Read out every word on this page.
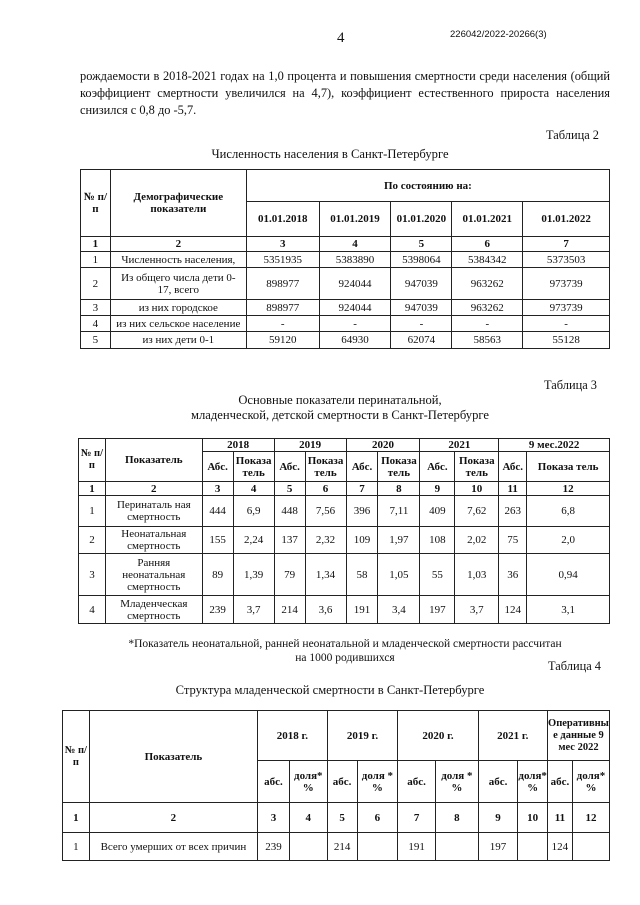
4	226042/2022-20266(3)
рождаемости в 2018-2021 годах на 1,0 процента и повышения смертности среди населения (общий коэффициент смертности увеличился на 4,7), коэффициент естественного прироста населения снизился с 0,8 до -5,7.
Таблица 2
Численность населения в Санкт-Петербурге
№ п/п	Демографические показатели	По состоянию на:				
		01.01.2018	01.01.2019	01.01.2020	01.01.2021	01.01.2022
1	2	3	4	5	6	7
1	Численность населения,	5351935	5383890	5398064	5384342	5373503
2	Из общего числа дети 0-17, всего	898977	924044	947039	963262	973739
3	из них городское	898977	924044	947039	963262	973739
4	из них сельское население	-	-	-	-	-
5	из них дети 0-1	59120	64930	62074	58563	55128
Таблица 3
Основные показатели перинатальной,
младенческой, детской смертности в Санкт-Петербурге
№ п/п	Показатель	2018		2019		2020		2021		9 мес.2022	
		Абс.	Показа тель	Абс.	Показа тель	Абс.	Показа тель	Абс.	Показа тель	Абс.	Показа тель
1	2	3	4	5	6	7	8	9	10	11	12
1	Перинаталь ная смертность	444	6,9	448	7,56	396	7,11	409	7,62	263	6,8
2	Неонатальная смертность	155	2,24	137	2,32	109	1,97	108	2,02	75	2,0
3	Ранняя неонатальная смертность	89	1,39	79	1,34	58	1,05	55	1,03	36	0,94
4	Младенческая смертность	239	3,7	214	3,6	191	3,4	197	3,7	124	3,1
*Показатель неонатальной, ранней неонатальной и младенческой смертности рассчитан
на 1000 родившихся
Таблица 4
Структура младенческой смертности в Санкт-Петербурге
№ п/п	Показатель	2018 г.		2019 г.		2020 г.		2021 г.		Оперативны е данные 9 мес 2022	
		абс.	доля* %	абс.	доля * %	абс.	доля * %	абс.	доля* %	абс.	доля* %
1	2	3	4	5	6	7	8	9	10	11	12
1	Всего умерших от всех причин	239		214		191		197		124	
